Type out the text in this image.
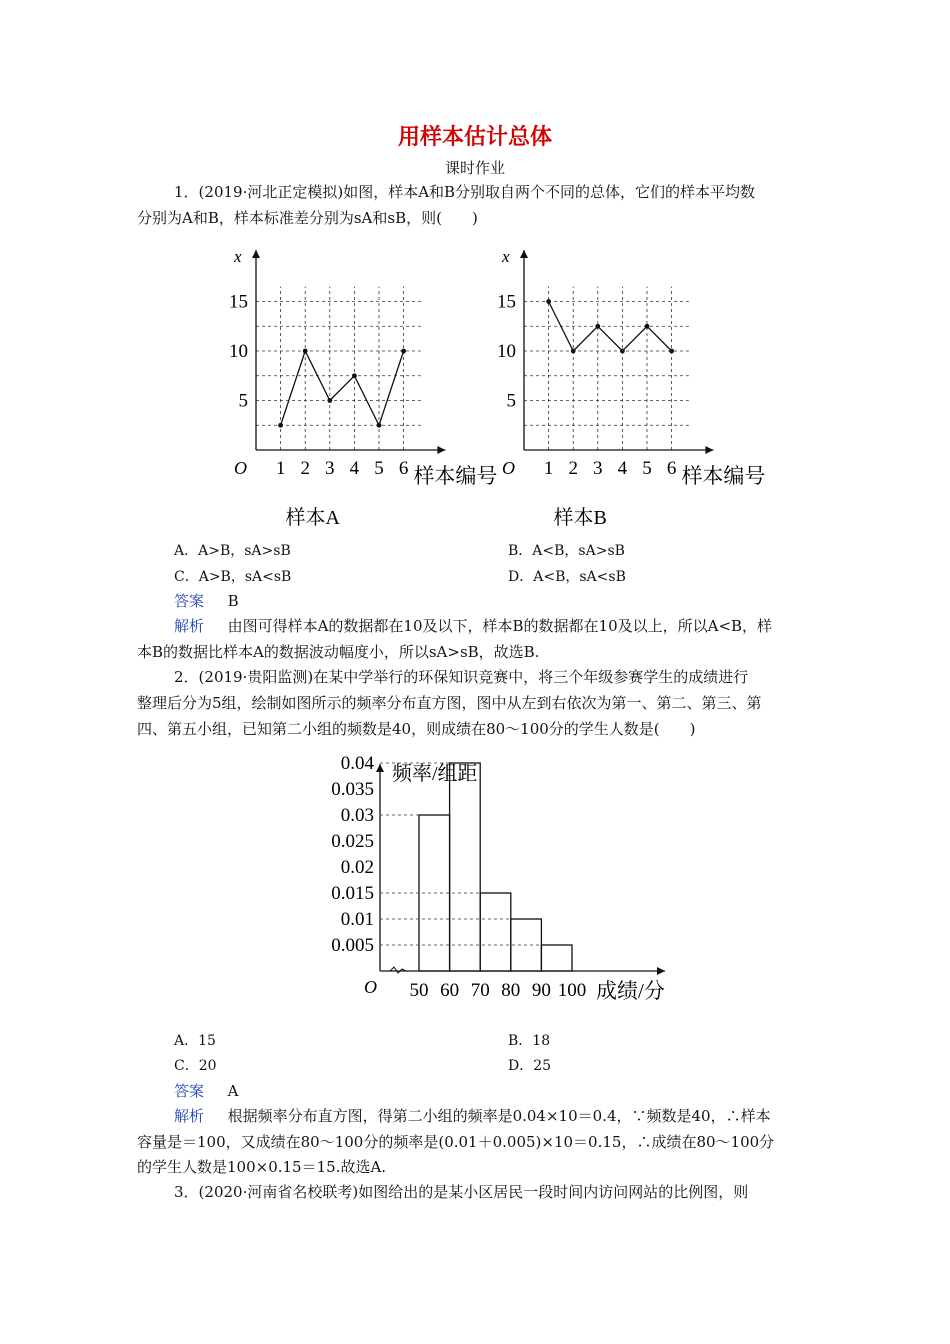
用样本估计总体
课时作业
1．(2019·河北正定模拟)如图，样本A和B分别取自两个不同的总体，它们的样本平均数
分别为A和B，样本标准差分别为sA和sB，则(　　)
x
O
5
10
15
1 2 3 4 5 6 样本编号
样本A
x
O
5
10
15
1 2 3 4 5 6 样本编号
样本B
A．A>B，sA>sB	B．A<B，sA>sB
C．A>B，sA<sB	D．A<B，sA<sB
答案 B
解析 由图可得样本A的数据都在10及以下，样本B的数据都在10及以上，所以A<B，样
本B的数据比样本A的数据波动幅度小，所以sA>sB，故选B.
2．(2019·贵阳监测)在某中学举行的环保知识竞赛中，将三个年级参赛学生的成绩进行
整理后分为5组，绘制如图所示的频率分布直方图，图中从左到右依次为第一、第二、第三、第
四、第五小组，已知第二小组的频数是40，则成绩在80～100分的学生人数是(　　)
频率/组距
O
0.005
0.01
0.015
0.02
0.025
0.03
0.035
0.04
50 60 70 80 90 100 成绩/分
A．15	B．18
C．20	D．25
答案 A
解析 根据频率分布直方图，得第二小组的频率是0.04×10＝0.4，∵频数是40，∴样本
容量是＝100，又成绩在80～100分的频率是(0.01＋0.005)×10＝0.15，∴成绩在80～100分
的学生人数是100×0.15＝15.故选A.
3．(2020·河南省名校联考)如图给出的是某小区居民一段时间内访问网站的比例图，则
